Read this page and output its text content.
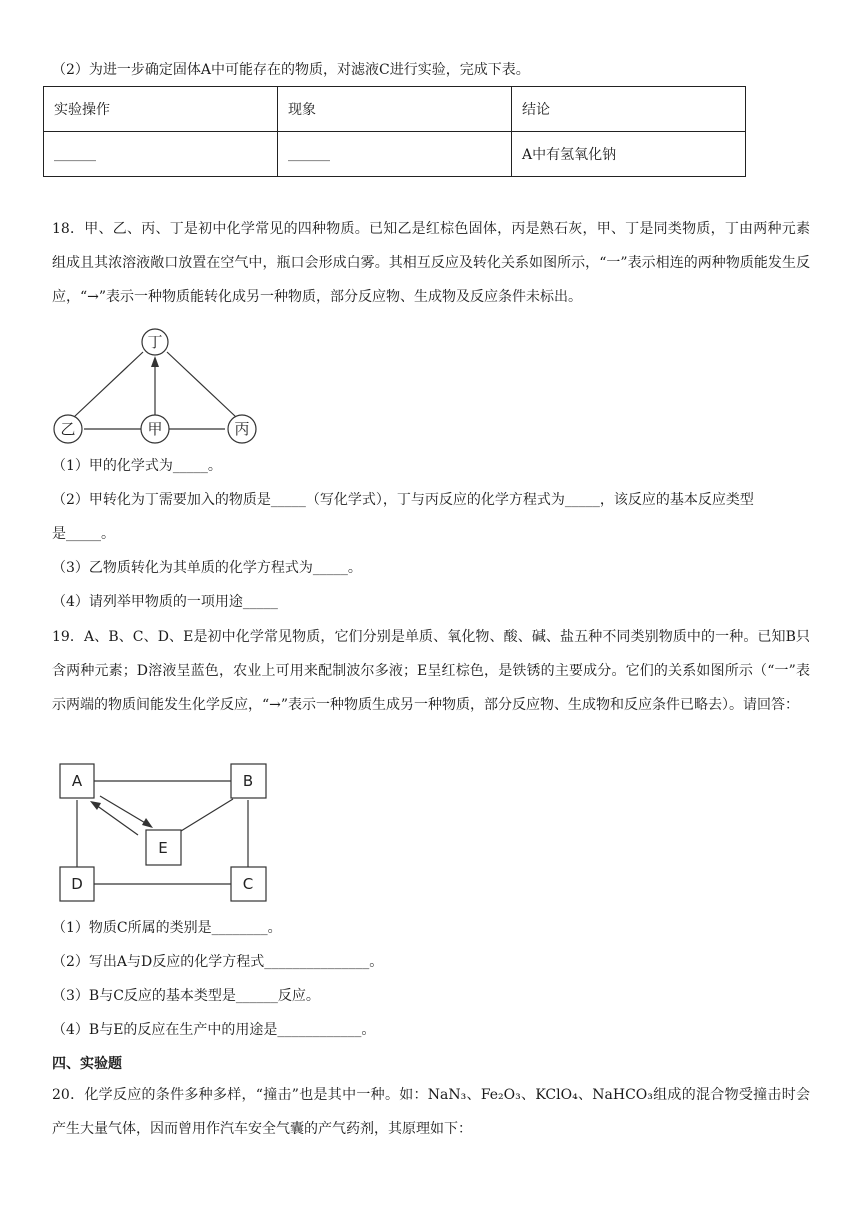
（2）为进一步确定固体A中可能存在的物质，对滤液C进行实验，完成下表。
实验操作	现象	结论
______	______	A中有氢氧化钠
18．甲、乙、丙、丁是初中化学常见的四种物质。已知乙是红棕色固体，丙是熟石灰，甲、丁是同类物质，丁由两种元素组成且其浓溶液敞口放置在空气中，瓶口会形成白雾。其相互反应及转化关系如图所示，“一”表示相连的两种物质能发生反应，“→”表示一种物质能转化成另一种物质，部分反应物、生成物及反应条件未标出。
丁
乙	甲	丙
（1）甲的化学式为_____。
（2）甲转化为丁需要加入的物质是_____（写化学式），丁与丙反应的化学方程式为_____，该反应的基本反应类型
是_____。
（3）乙物质转化为其单质的化学方程式为_____。
（4）请列举甲物质的一项用途_____
19．A、B、C、D、E是初中化学常见物质，它们分别是单质、氧化物、酸、碱、盐五种不同类别物质中的一种。已知B只含两种元素；D溶液呈蓝色，农业上可用来配制波尔多液；E呈红棕色，是铁锈的主要成分。它们的关系如图所示（“一”表示两端的物质间能发生化学反应，“→”表示一种物质生成另一种物质，部分反应物、生成物和反应条件已略去）。请回答：
A	B
E
D	C
（1）物质C所属的类别是________。
（2）写出A与D反应的化学方程式_______________。
（3）B与C反应的基本类型是______反应。
（4）B与E的反应在生产中的用途是____________。
四、实验题
20．化学反应的条件多种多样，“撞击”也是其中一种。如：NaN₃、Fe₂O₃、KClO₄、NaHCO₃组成的混合物受撞击时会产生大量气体，因而曾用作汽车安全气囊的产气药剂，其原理如下：
